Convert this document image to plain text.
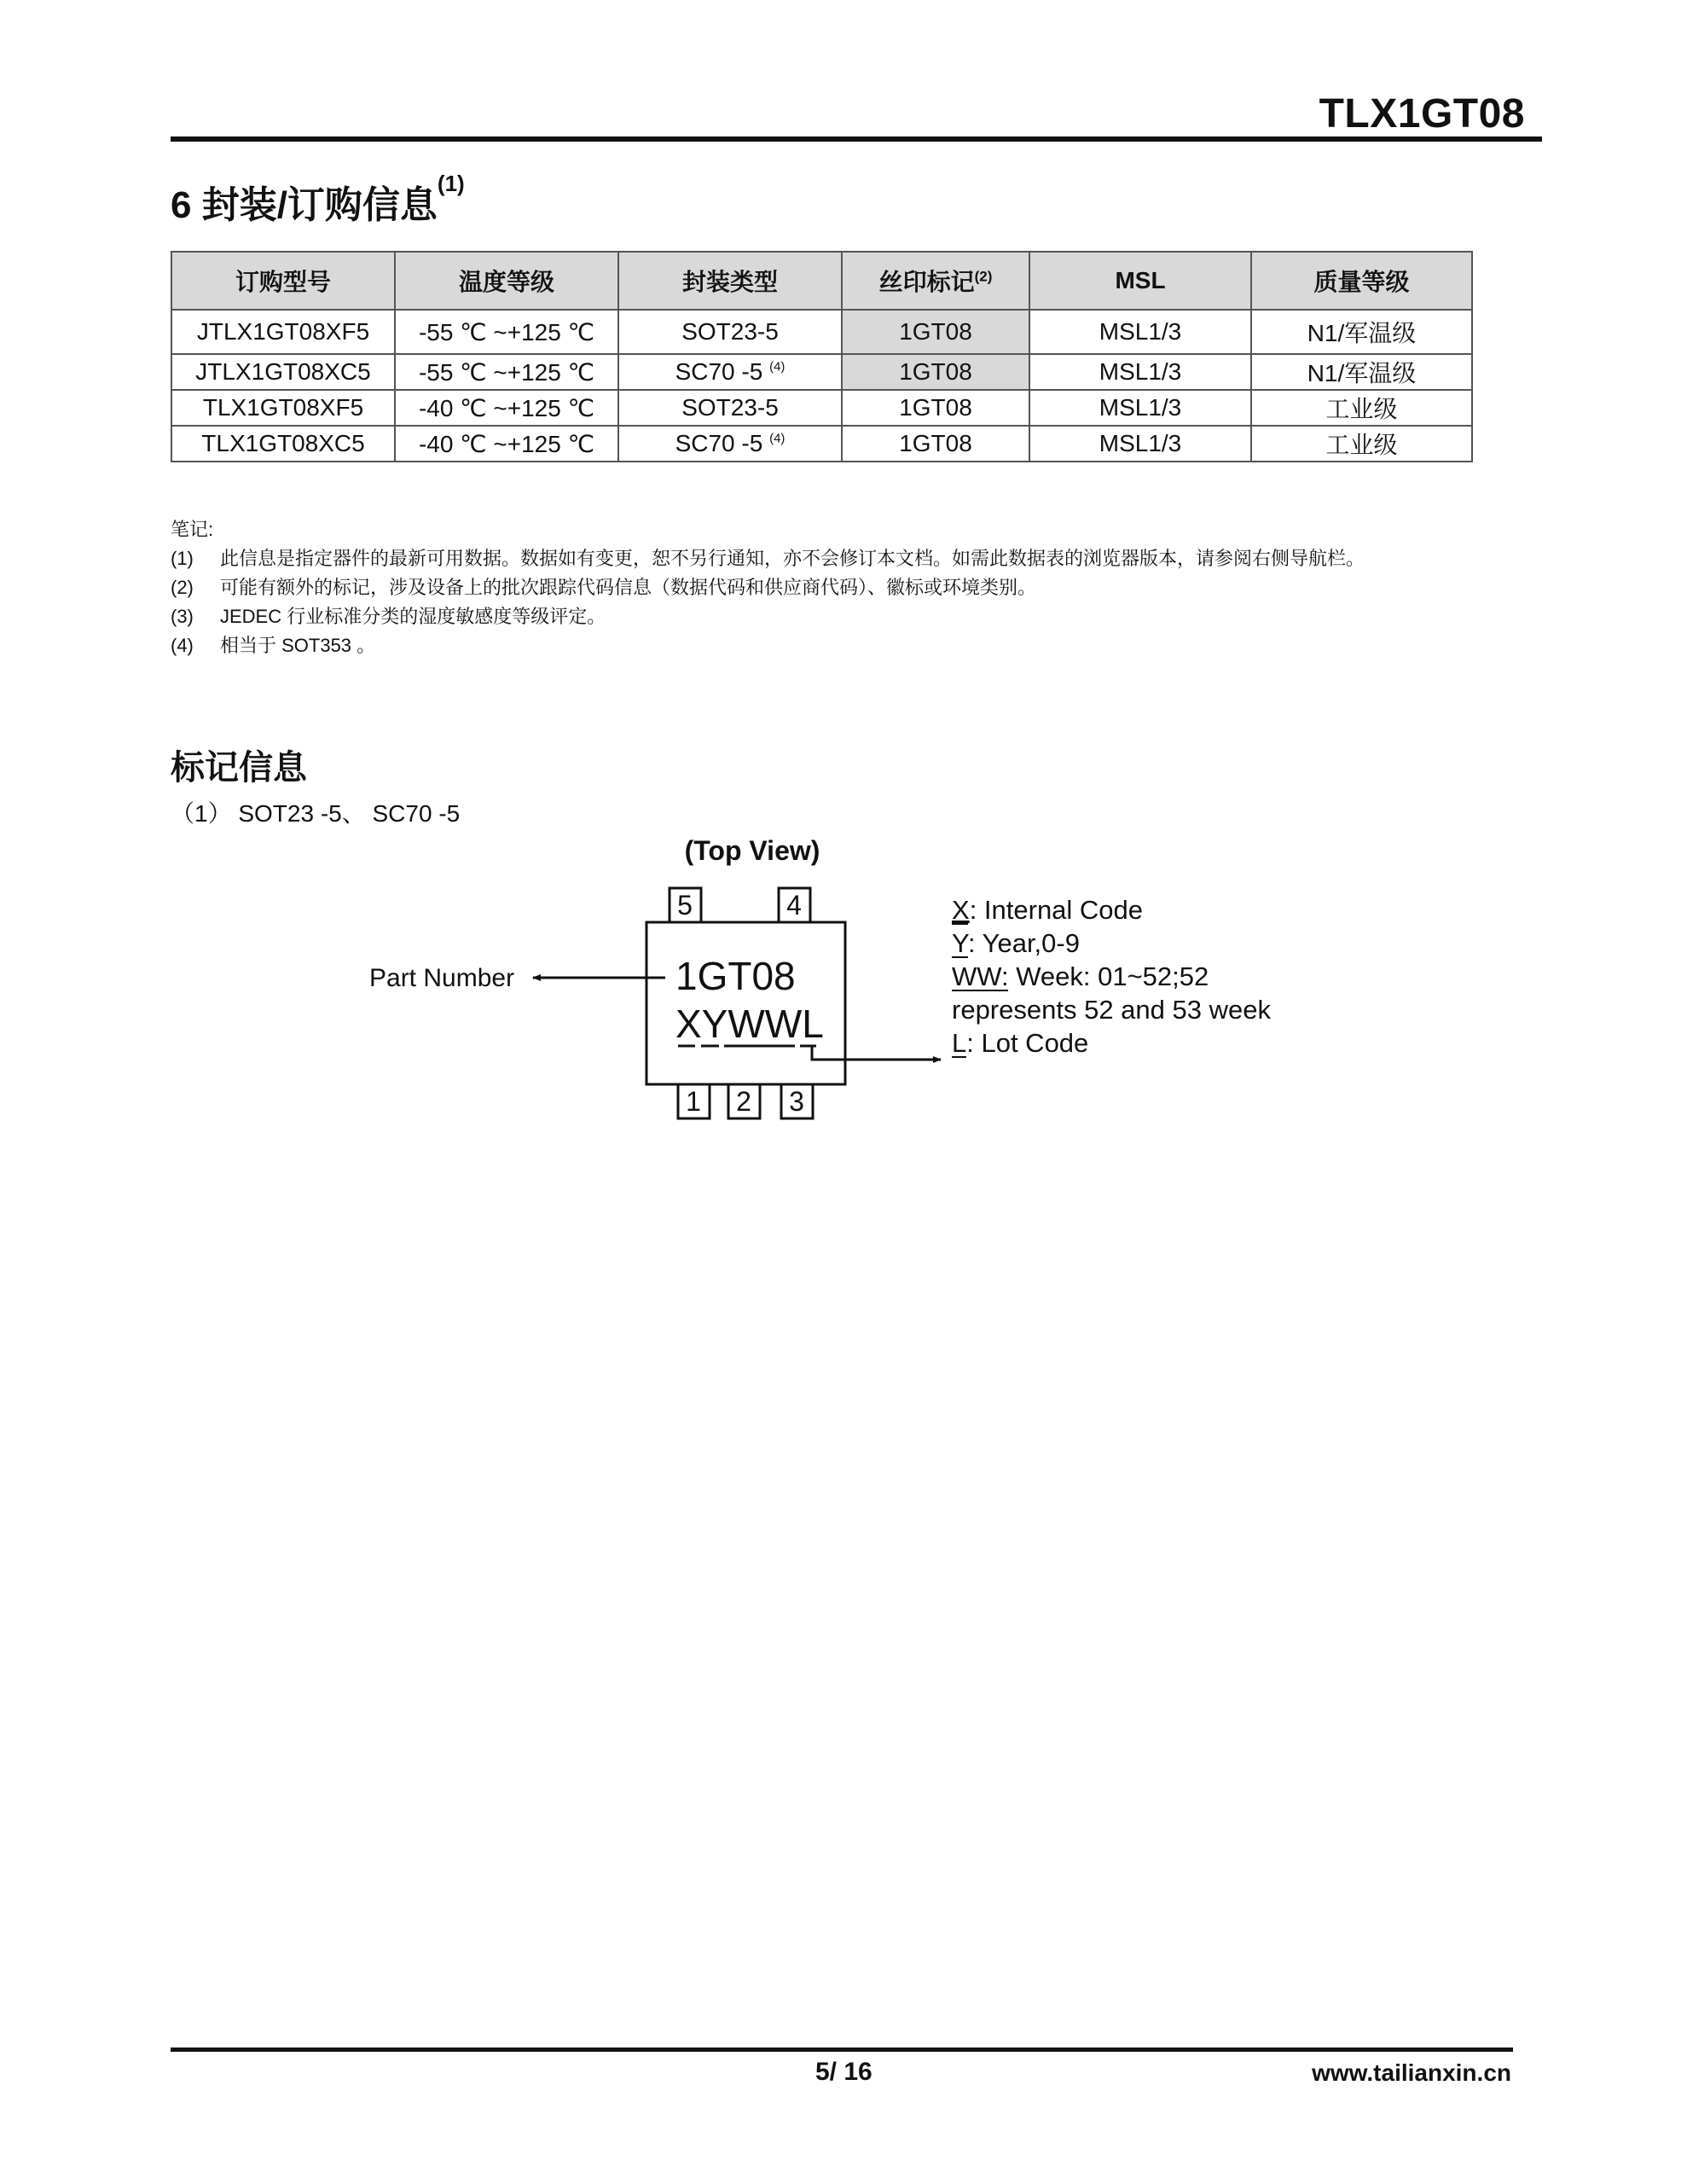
TLX1GT08
6 封装/订购信息$^{(1)}$
订购型号	温度等级	封装类型	丝印标记$^{(2)}$	MSL	质量等级
JTLX1GT08XF5	-55 ℃ ~+125 ℃	SOT23-5	1GT08	MSL1/3	N1/军温级
JTLX1GT08XC5	-55 ℃ ~+125 ℃	SC70 -5 $^{(4)}$	1GT08	MSL1/3	N1/军温级
TLX1GT08XF5	-40 ℃ ~+125 ℃	SOT23-5	1GT08	MSL1/3	工业级
TLX1GT08XC5	-40 ℃ ~+125 ℃	SC70 -5 $^{(4)}$	1GT08	MSL1/3	工业级
笔记:
(1)	此信息是指定器件的最新可用数据。数据如有变更，恕不另行通知，亦不会修订本文档。如需此数据表的浏览器版本，请参阅右侧导航栏。
(2)	可能有额外的标记，涉及设备上的批次跟踪代码信息（数据代码和供应商代码）、徽标或环境类别。
(3)	JEDEC 行业标准分类的湿度敏感度等级评定。
(4)	相当于 SOT353 。
标记信息
（1） SOT23 -5、 SC70 -5
(Top View)
5	4
1 2 3
1GT08
XYWWL
Part Number
X: Internal Code
Y: Year,0-9
WW: Week: 01~52;52
represents 52 and 53 week
L: Lot Code
5/ 16	www.tailianxin.cn
